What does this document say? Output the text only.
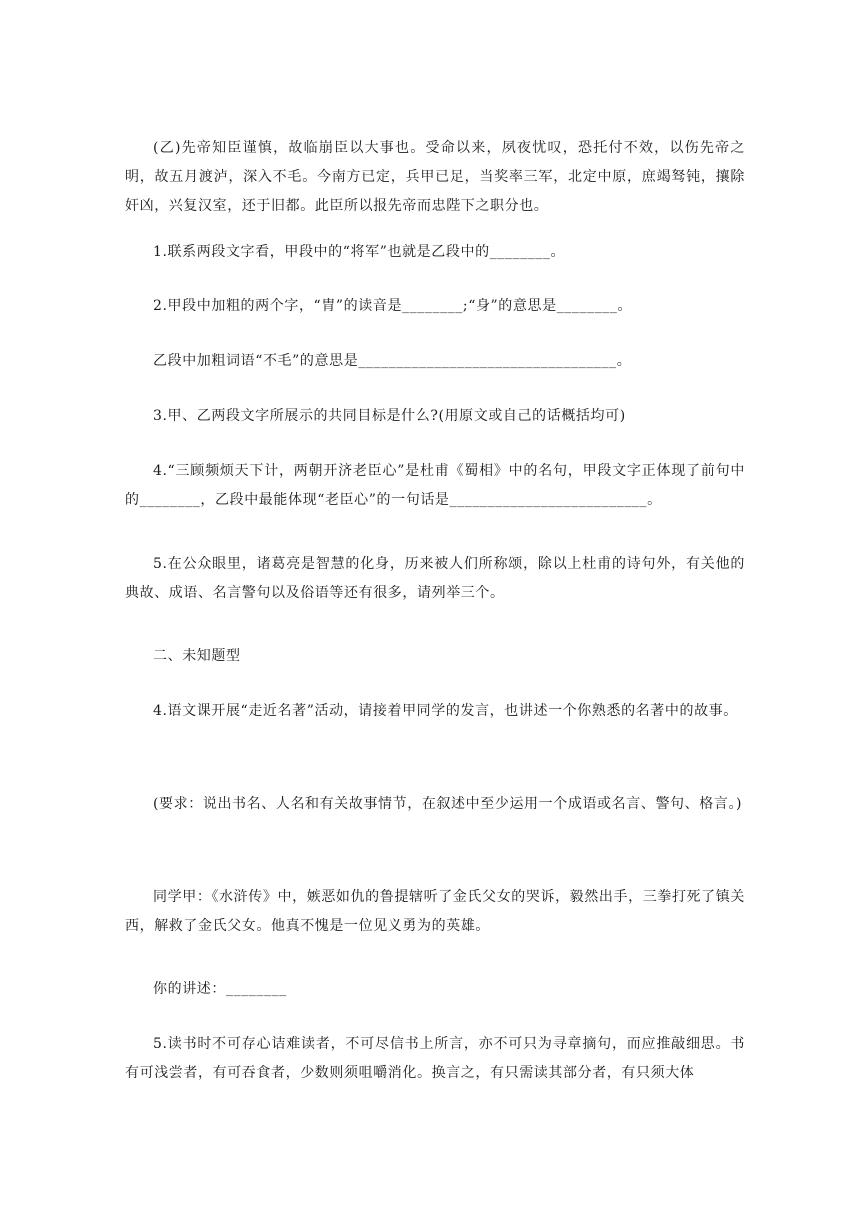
(乙)先帝知臣谨慎，故临崩臣以大事也。受命以来，夙夜忧叹，恐托付不效，以伤先帝之明，故五月渡泸，深入不毛。今南方已定，兵甲已足，当奖率三军，北定中原，庶竭驽钝，攘除奸凶，兴复汉室，还于旧都。此臣所以报先帝而忠陛下之职分也。

1.联系两段文字看，甲段中的“将军”也就是乙段中的________。

2.甲段中加粗的两个字，“胄”的读音是________;“身”的意思是________。

乙段中加粗词语“不毛”的意思是__________________________________。

3.甲、乙两段文字所展示的共同目标是什么?(用原文或自己的话概括均可)

4.“三顾频烦天下计，两朝开济老臣心”是杜甫《蜀相》中的名句，甲段文字正体现了前句中的________，乙段中最能体现“老臣心”的一句话是__________________________。

5.在公众眼里，诸葛亮是智慧的化身，历来被人们所称颂，除以上杜甫的诗句外，有关他的典故、成语、名言警句以及俗语等还有很多，请列举三个。

二、未知题型

4.语文课开展“走近名著”活动，请接着甲同学的发言，也讲述一个你熟悉的名著中的故事。

(要求：说出书名、人名和有关故事情节，在叙述中至少运用一个成语或名言、警句、格言。)

同学甲：《水浒传》中，嫉恶如仇的鲁提辖听了金氏父女的哭诉，毅然出手，三拳打死了镇关西，解救了金氏父女。他真不愧是一位见义勇为的英雄。

你的讲述：________

5.读书时不可存心诘难读者，不可尽信书上所言，亦不可只为寻章摘句，而应推敲细思。书有可浅尝者，有可吞食者，少数则须咀嚼消化。换言之，有只需读其部分者，有只须大体
